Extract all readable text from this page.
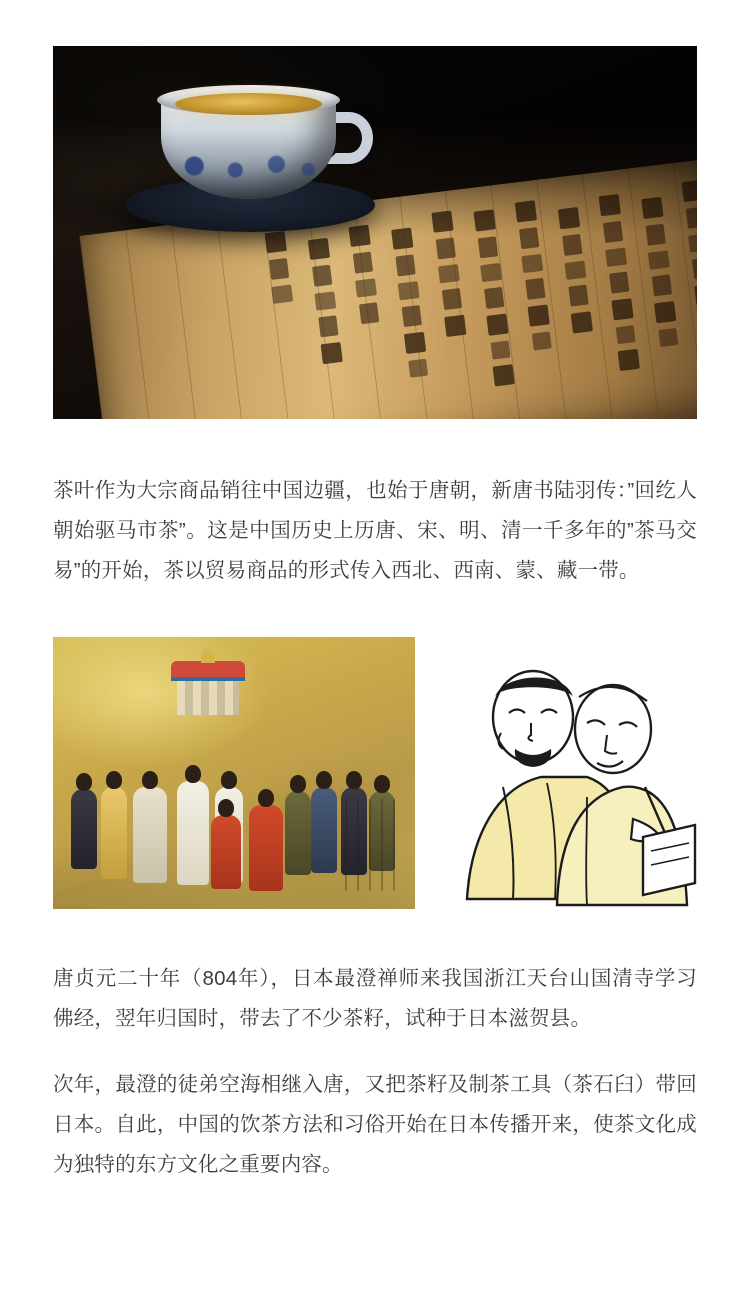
茶叶作为大宗商品销往中国边疆，也始于唐朝，新唐书陆羽传：”回纥人朝始驱马市茶”。这是中国历史上历唐、宋、明、清一千多年的”茶马交易”的开始，茶以贸易商品的形式传入西北、西南、蒙、藏一带。

唐贞元二十年（804年），日本最澄禅师来我国浙江天台山国清寺学习佛经，翌年归国时，带去了不少茶籽，试种于日本滋贺县。

次年，最澄的徒弟空海相继入唐，又把茶籽及制茶工具（茶石臼）带回日本。自此，中国的饮茶方法和习俗开始在日本传播开来，使茶文化成为独特的东方文化之重要内容。
